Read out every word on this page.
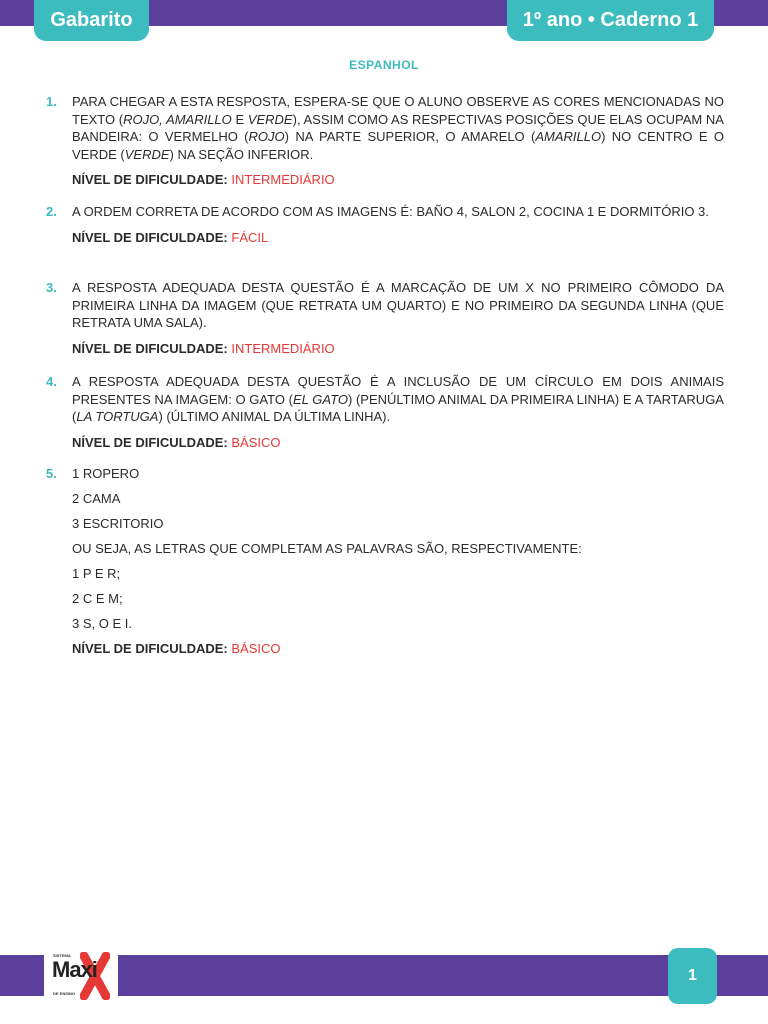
Gabarito	1º ano • Caderno 1
ESPANHOL
1. PARA CHEGAR A ESTA RESPOSTA, ESPERA-SE QUE O ALUNO OBSERVE AS CORES MENCIONADAS NO TEXTO (ROJO, AMARILLO E VERDE), ASSIM COMO AS RESPECTIVAS POSIÇÕES QUE ELAS OCUPAM NA BANDEIRA: O VERMELHO (ROJO) NA PARTE SUPERIOR, O AMARELO (AMARILLO) NO CENTRO E O VERDE (VERDE) NA SEÇÃO INFERIOR.
NÍVEL DE DIFICULDADE: INTERMEDIÁRIO
2. A ORDEM CORRETA DE ACORDO COM AS IMAGENS É: BAÑO 4, SALON 2, COCINA 1 E DORMITÓRIO 3.
NÍVEL DE DIFICULDADE: FÁCIL
3. A RESPOSTA ADEQUADA DESTA QUESTÃO É A MARCAÇÃO DE UM X NO PRIMEIRO CÔMODO DA PRIMEIRA LINHA DA IMAGEM (QUE RETRATA UM QUARTO) E NO PRIMEIRO DA SEGUNDA LINHA (QUE RETRATA UMA SALA).
NÍVEL DE DIFICULDADE: INTERMEDIÁRIO
4. A RESPOSTA ADEQUADA DESTA QUESTÃO É A INCLUSÃO DE UM CÍRCULO EM DOIS ANIMAIS PRESENTES NA IMAGEM: O GATO (EL GATO) (PENÚLTIMO ANIMAL DA PRIMEIRA LINHA) E A TARTARUGA (LA TORTUGA) (ÚLTIMO ANIMAL DA ÚLTIMA LINHA).
NÍVEL DE DIFICULDADE: BÁSICO
5. 1 ROPERO
2 CAMA
3 ESCRITORIO
OU SEJA, AS LETRAS QUE COMPLETAM AS PALAVRAS SÃO, RESPECTIVAMENTE:
1 P E R;
2 C E M;
3 S, O E I.
NÍVEL DE DIFICULDADE: BÁSICO
SISTEMA
Maxi
DE ENSINO
1
